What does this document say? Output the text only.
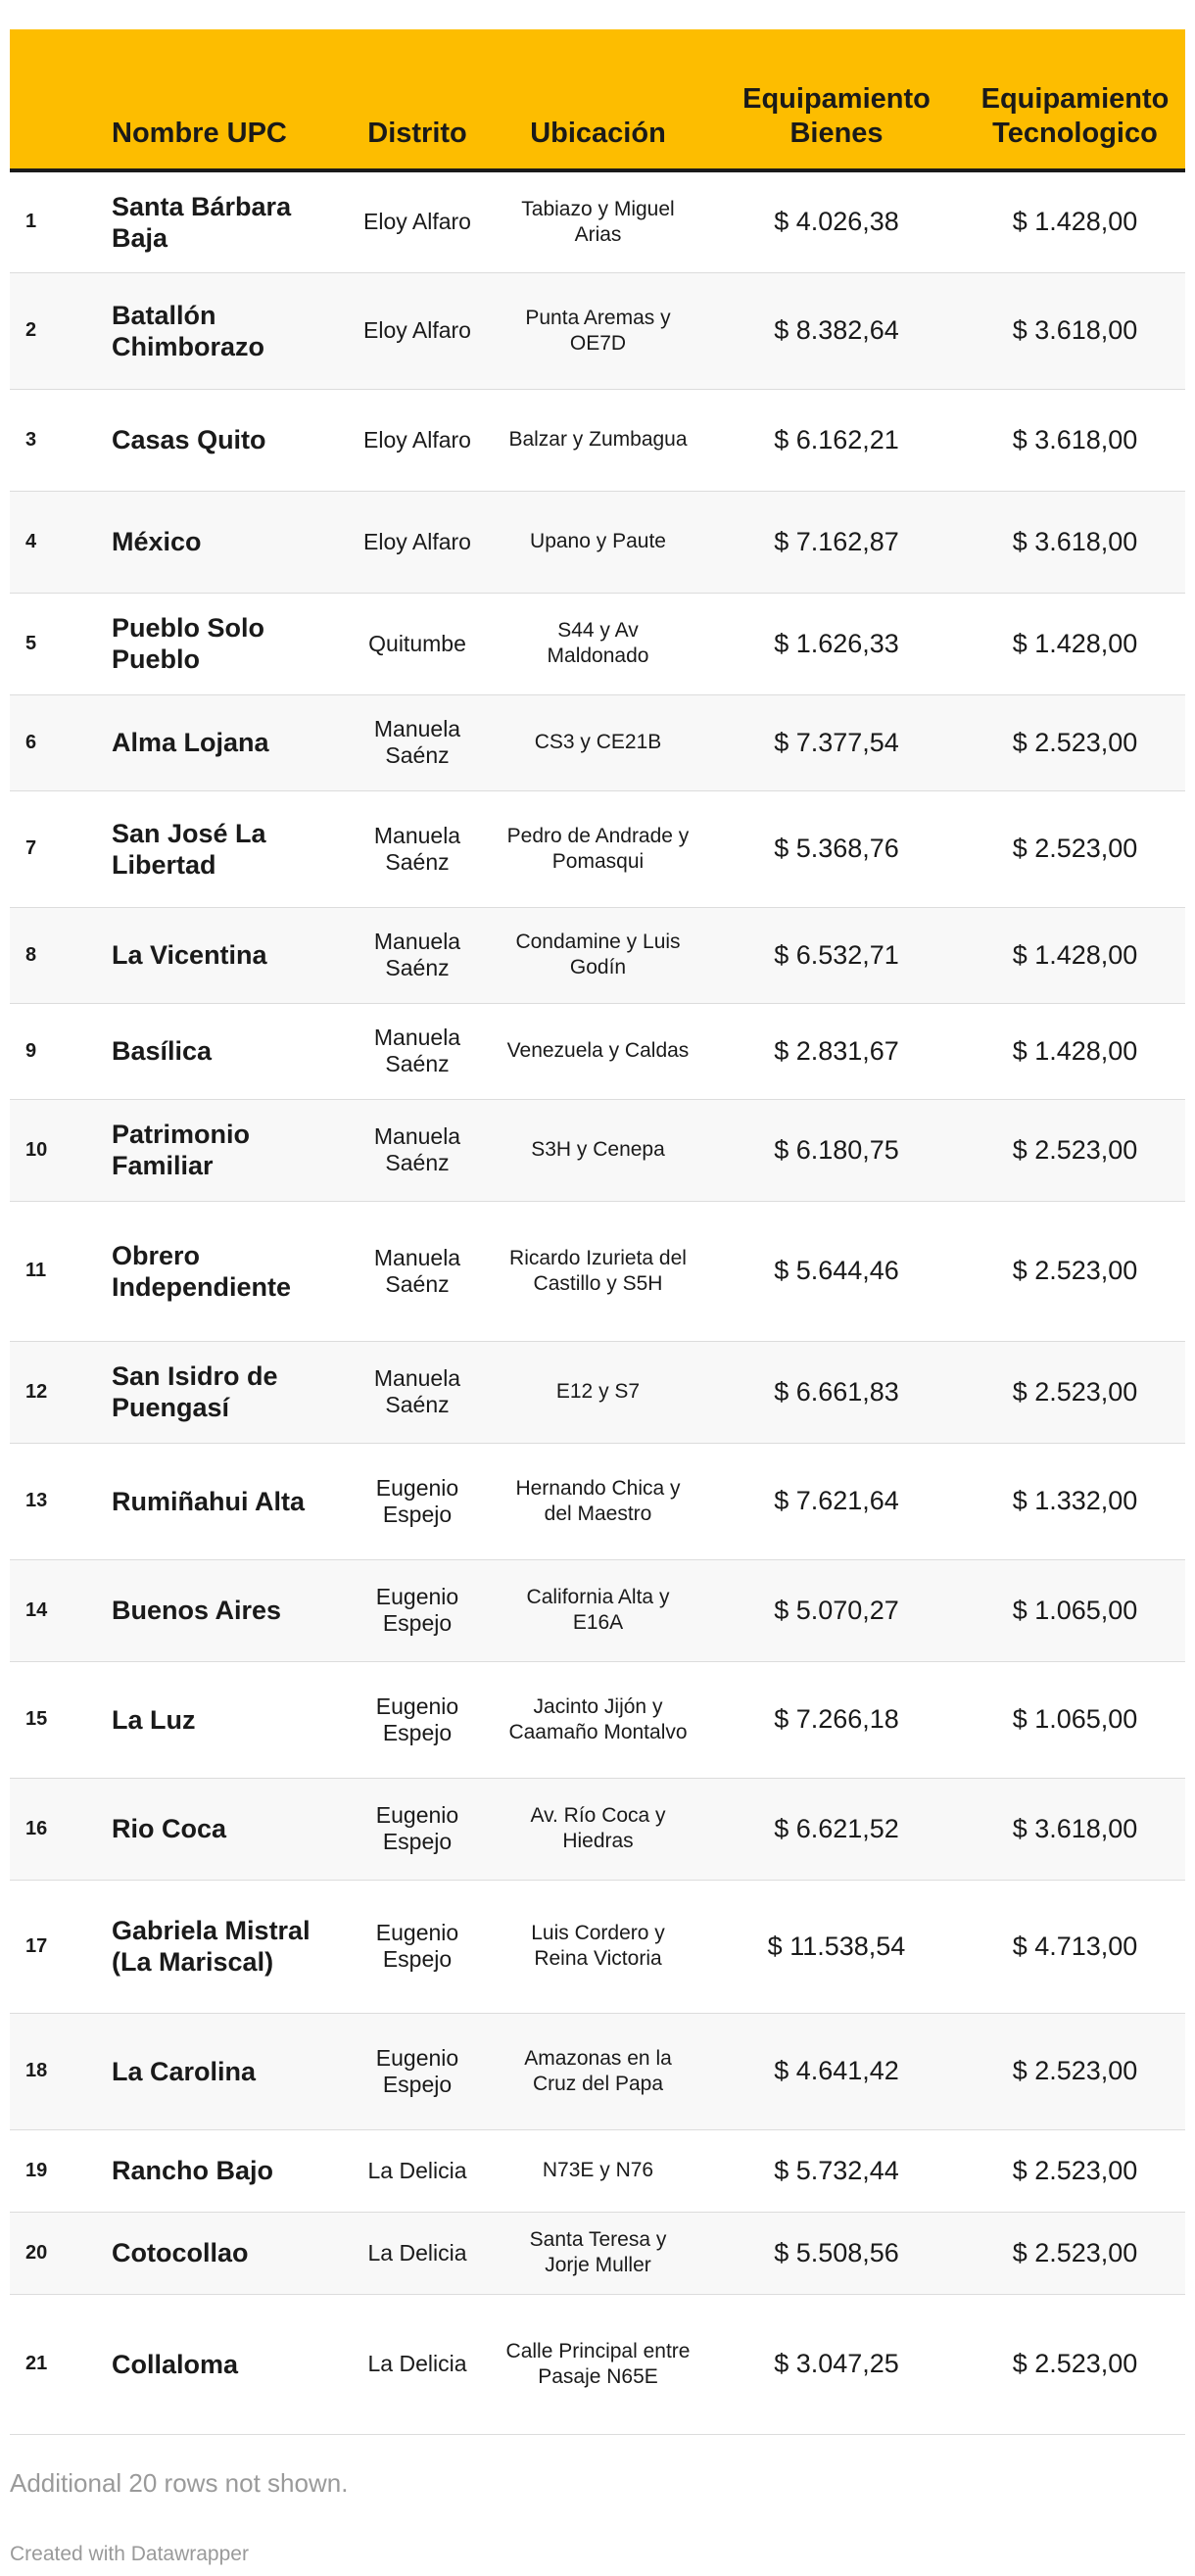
	Nombre UPC	Distrito	Ubicación	Equipamiento Bienes	Equipamiento Tecnologico
1	Santa Bárbara Baja	Eloy Alfaro	Tabiazo y Miguel Arias	$ 4.026,38	$ 1.428,00
2	Batallón Chimborazo	Eloy Alfaro	Punta Aremas y OE7D	$ 8.382,64	$ 3.618,00
3	Casas Quito	Eloy Alfaro	Balzar y Zumbagua	$ 6.162,21	$ 3.618,00
4	México	Eloy Alfaro	Upano y Paute	$ 7.162,87	$ 3.618,00
5	Pueblo Solo Pueblo	Quitumbe	S44 y Av Maldonado	$ 1.626,33	$ 1.428,00
6	Alma Lojana	Manuela Saénz	CS3 y CE21B	$ 7.377,54	$ 2.523,00
7	San José La Libertad	Manuela Saénz	Pedro de Andrade y Pomasqui	$ 5.368,76	$ 2.523,00
8	La Vicentina	Manuela Saénz	Condamine y Luis Godín	$ 6.532,71	$ 1.428,00
9	Basílica	Manuela Saénz	Venezuela y Caldas	$ 2.831,67	$ 1.428,00
10	Patrimonio Familiar	Manuela Saénz	S3H y Cenepa	$ 6.180,75	$ 2.523,00
11	Obrero Independiente	Manuela Saénz	Ricardo Izurieta del Castillo y S5H	$ 5.644,46	$ 2.523,00
12	San Isidro de Puengasí	Manuela Saénz	E12 y S7	$ 6.661,83	$ 2.523,00
13	Rumiñahui Alta	Eugenio Espejo	Hernando Chica y del Maestro	$ 7.621,64	$ 1.332,00
14	Buenos Aires	Eugenio Espejo	California Alta y E16A	$ 5.070,27	$ 1.065,00
15	La Luz	Eugenio Espejo	Jacinto Jijón y Caamaño Montalvo	$ 7.266,18	$ 1.065,00
16	Rio Coca	Eugenio Espejo	Av. Río Coca y Hiedras	$ 6.621,52	$ 3.618,00
17	Gabriela Mistral (La Mariscal)	Eugenio Espejo	Luis Cordero y Reina Victoria	$ 11.538,54	$ 4.713,00
18	La Carolina	Eugenio Espejo	Amazonas en la Cruz del Papa	$ 4.641,42	$ 2.523,00
19	Rancho Bajo	La Delicia	N73E y N76	$ 5.732,44	$ 2.523,00
20	Cotocollao	La Delicia	Santa Teresa y Jorje Muller	$ 5.508,56	$ 2.523,00
21	Collaloma	La Delicia	Calle Principal entre Pasaje N65E	$ 3.047,25	$ 2.523,00
Additional 20 rows not shown.
Created with Datawrapper
